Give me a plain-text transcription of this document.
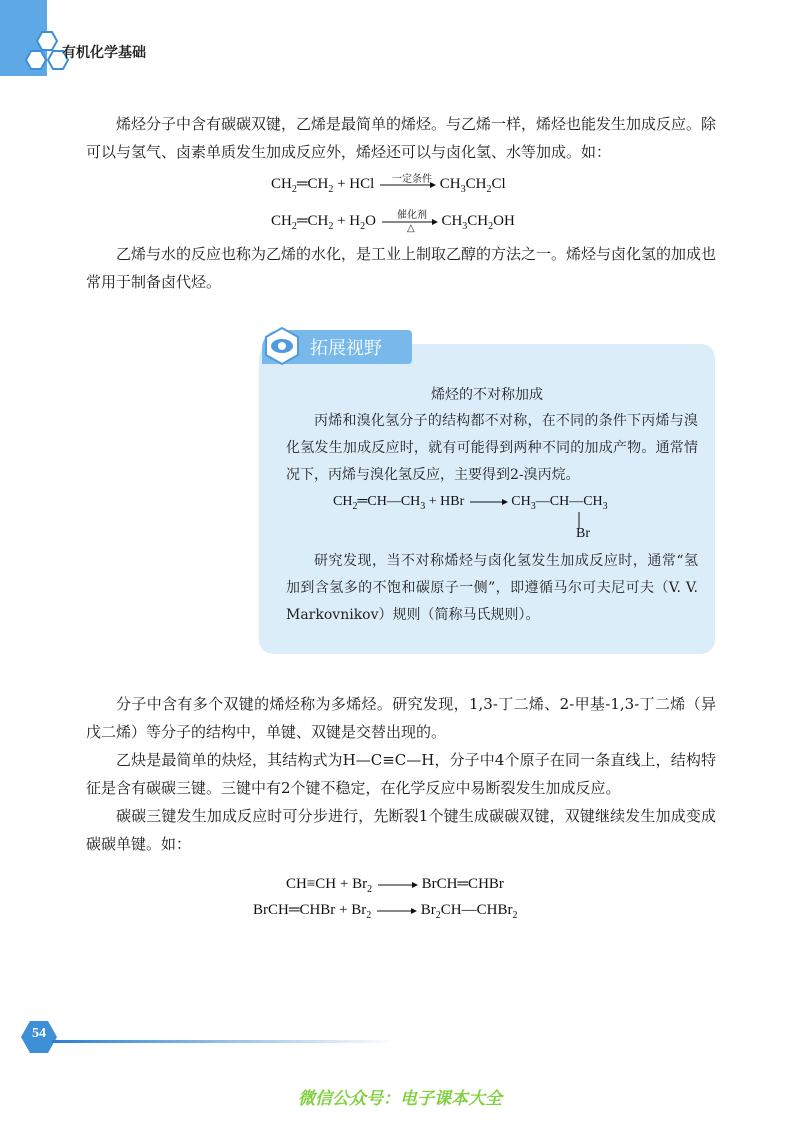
有机化学基础
烯烃分子中含有碳碳双键，乙烯是最简单的烯烃。与乙烯一样，烯烃也能发生加成反应。除可以与氢气、卤素单质发生加成反应外，烯烃还可以与卤化氢、水等加成。如：
$CH_2═CH_2$ + HCl → $CH_3CH_2Cl$
一定条件
$CH_2═CH_2 + H_2O \to CH_3CH_2OH$
催化剂
△
乙烯与水的反应也称为乙烯的水化，是工业上制取乙醇的方法之一。烯烃与卤化氢的加成也常用于制备卤代烃。
拓展视野
烯烃的不对称加成
丙烯和溴化氢分子的结构都不对称，在不同的条件下丙烯与溴化氢发生加成反应时，就有可能得到两种不同的加成产物。通常情况下，丙烯与溴化氢反应，主要得到2-溴丙烷。
$CH_2═CH—CH_3$ + HBr → $CH_3—CH—CH_3$
Br
研究发现，当不对称烯烃与卤化氢发生加成反应时，通常“氢加到含氢多的不饱和碳原子一侧”，即遵循马尔可夫尼可夫（V. V. Markovnikov）规则（简称马氏规则）。
分子中含有多个双键的烯烃称为多烯烃。研究发现，1,3-丁二烯、2-甲基-1,3-丁二烯（异戊二烯）等分子的结构中，单键、双键是交替出现的。
乙炔是最简单的炔烃，其结构式为H—C≡C—H，分子中4个原子在同一条直线上，结构特征是含有碳碳三键。三键中有2个键不稳定，在化学反应中易断裂发生加成反应。
碳碳三键发生加成反应时可分步进行，先断裂1个键生成碳碳双键，双键继续发生加成变成碳碳单键。如：
$CH\equiv CH + Br_2$ → BrCH═CHBr
BrCH═CHBr + $Br_2$ → $Br_2CH—CHBr_2$
54
微信公众号：电子课本大全
